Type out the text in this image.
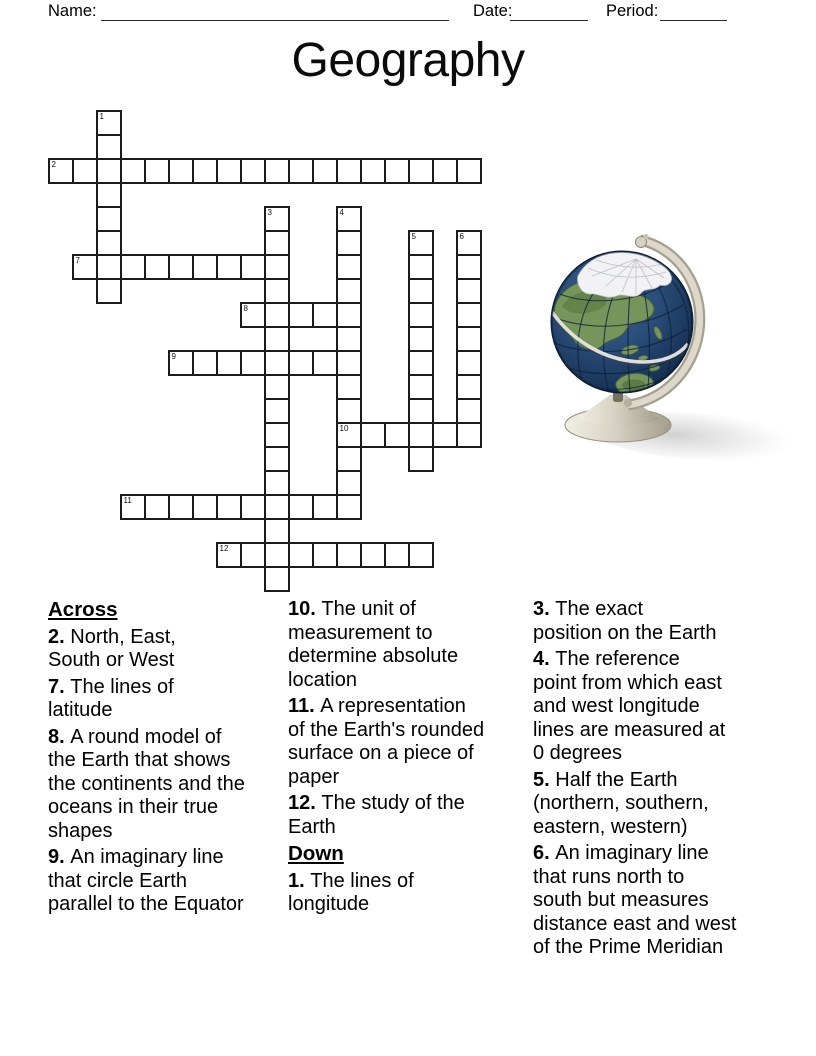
Name:	Date:	Period:
Geography
1
2
3	4
10
5	6
7
8
9
11
12
Across
2. North, East,
South or West
7. The lines of
latitude
8. A round model of
the Earth that shows
the continents and the
oceans in their true
shapes
9. An imaginary line
that circle Earth
parallel to the Equator
10. The unit of
measurement to
determine absolute
location
11. A representation
of the Earth's rounded
surface on a piece of
paper
12. The study of the
Earth
Down
1. The lines of
longitude
3. The exact
position on the Earth
4. The reference
point from which east
and west longitude
lines are measured at
0 degrees
5. Half the Earth
(northern, southern,
eastern, western)
6. An imaginary line
that runs north to
south but measures
distance east and west
of the Prime Meridian
